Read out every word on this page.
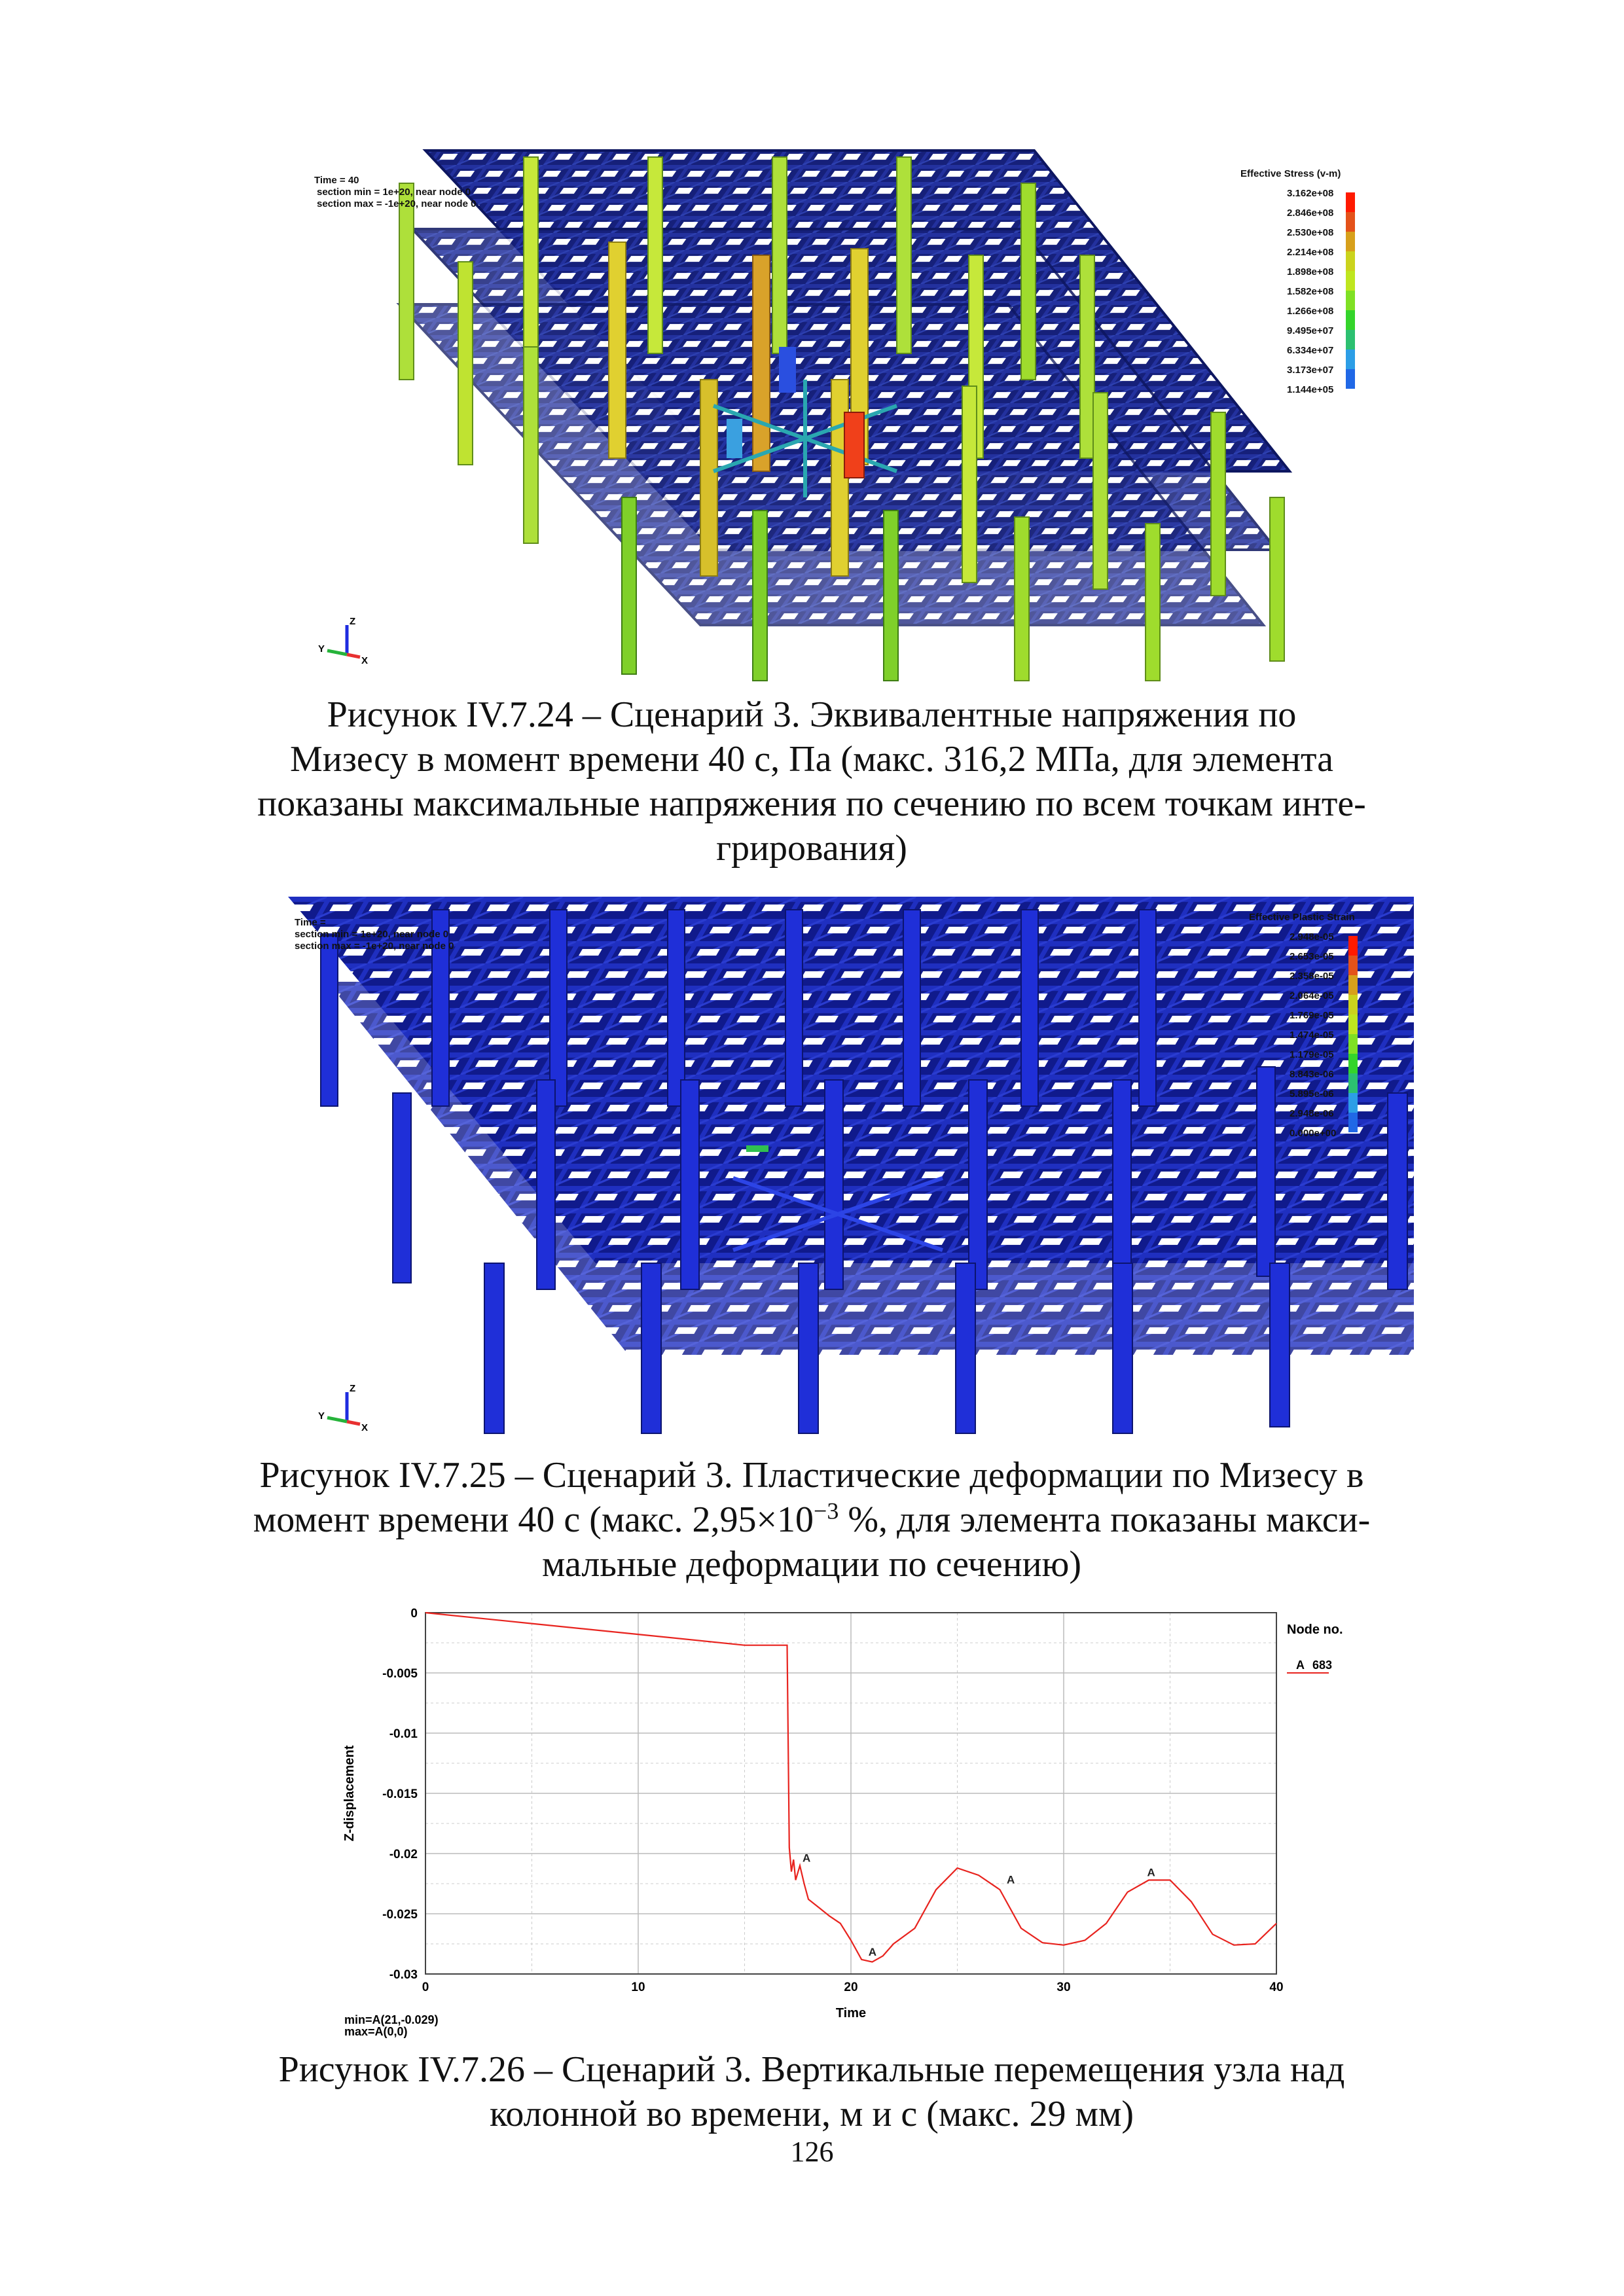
Time = 40
section min = 1e+20, near node 0
section max = -1e+20, near node 0
Effective Stress (v-m)
3.162e+08
2.846e+08
2.530e+08
2.214e+08
1.898e+08
1.582e+08
1.266e+08
9.495e+07
6.334e+07
3.173e+07
1.144e+05
Z
Y
X

Рисунок IV.7.24 – Сценарий 3. Эквивалентные напряжения по

Мизесу в момент времени 40 с, Па (макс. 316,2 МПа, для элемента

показаны максимальные напряжения по сечению по всем точкам инте-

грирования)

Time =
section min = 1e+20, near node 0
section max = -1e+20, near node 0
Effective Plastic Strain
2.948e-05
2.653e-05
2.358e-05
2.064e-05
1.769e-05
1.474e-05
1.179e-05
8.843e-06
5.895e-06
2.948e-06
0.000e+00
Z
Y
X

Рисунок IV.7.25 – Сценарий 3. Пластические деформации по Мизесу в

момент времени 40 с (макс. $2,95\times 10^{-3}$ %, для элемента показаны макси-

мальные деформации по сечению)

0	10	20	30	40
0
-0.005
-0.01
-0.015
-0.02
-0.025
-0.03
A
A
A
A
Time
Z-displacement
Node no.
A 683
min=A(21,-0.029)
max=A(0,0)

Рисунок IV.7.26 – Сценарий 3. Вертикальные перемещения узла над

колонной во времени, м и с (макс. 29 мм)

126
